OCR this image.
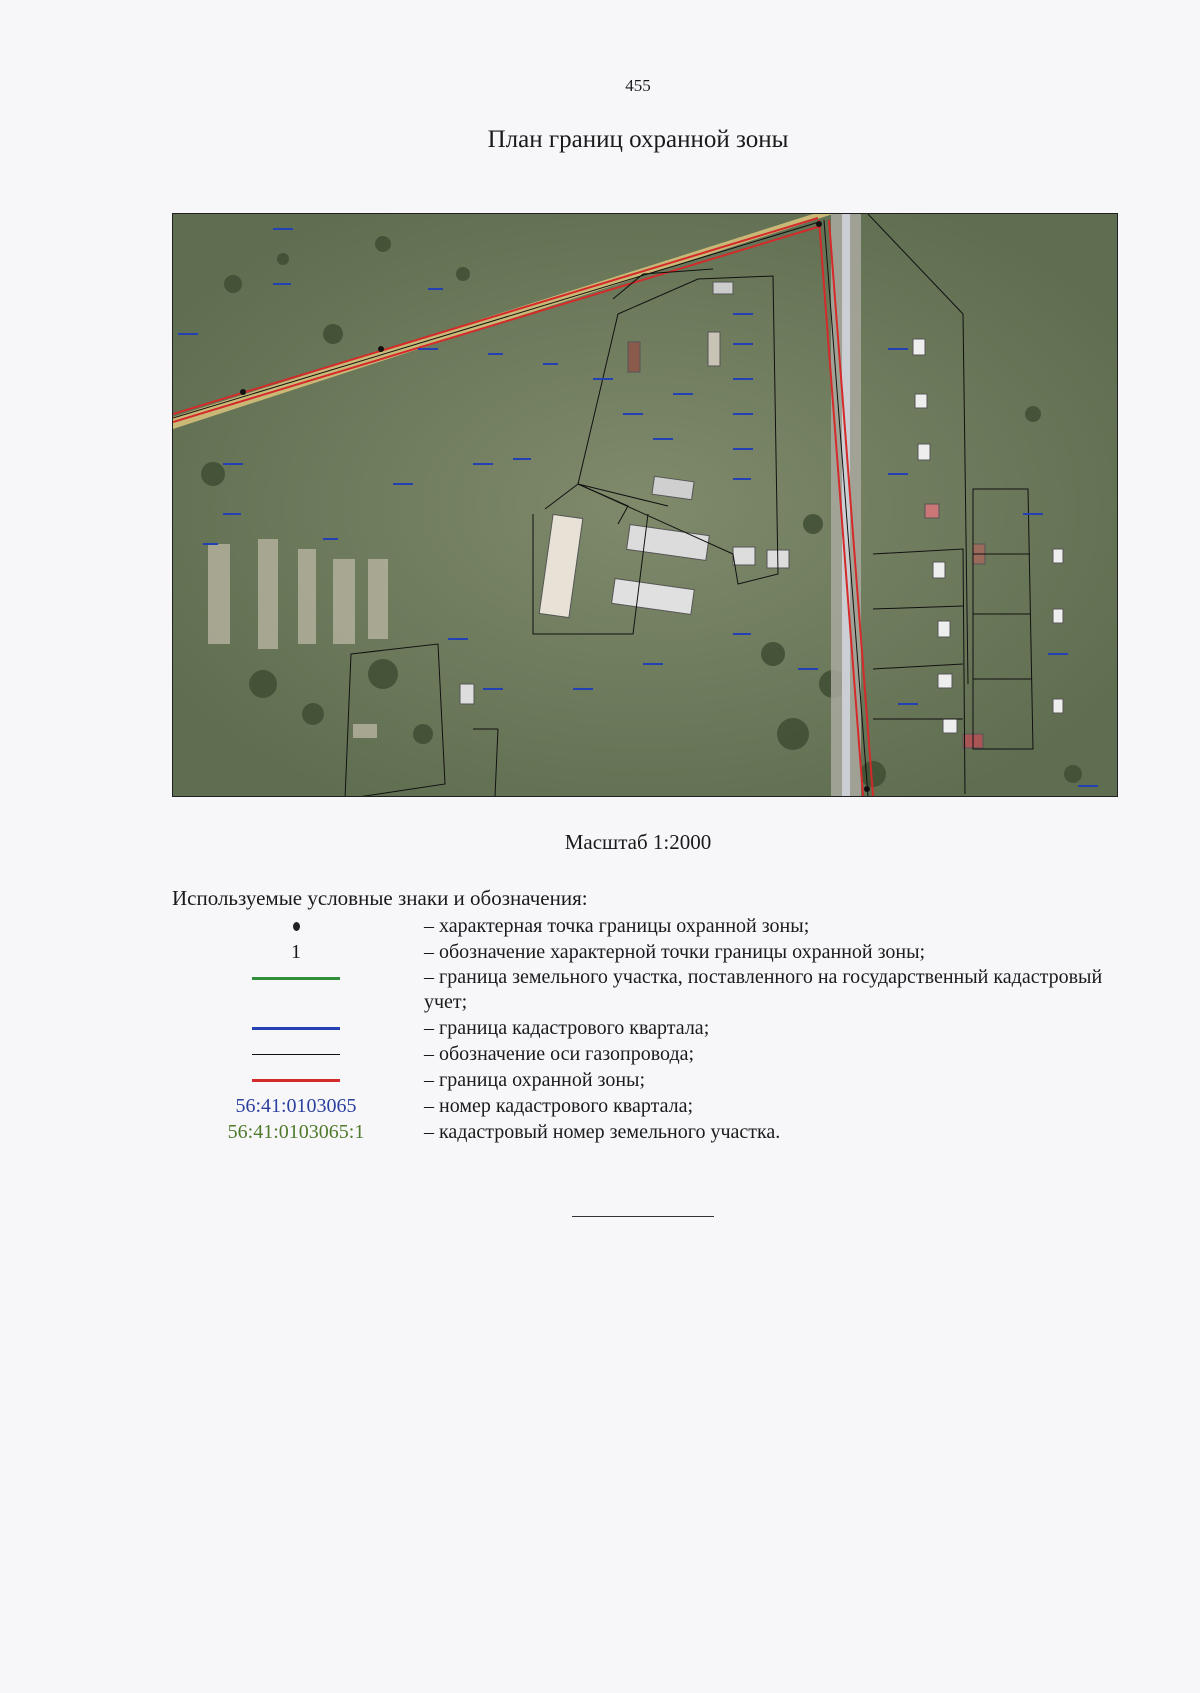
455
План границ охранной зоны
Масштаб 1:2000
Используемые условные знаки и обозначения:
– характерная точка границы охранной зоны;
1	– обозначение характерной точки границы охранной зоны;
– граница земельного участка, поставленного на государственный кадастровый учет;
– граница кадастрового квартала;
– обозначение оси газопровода;
– граница охранной зоны;
56:41:0103065	– номер кадастрового квартала;
56:41:0103065:1	– кадастровый номер земельного участка.
